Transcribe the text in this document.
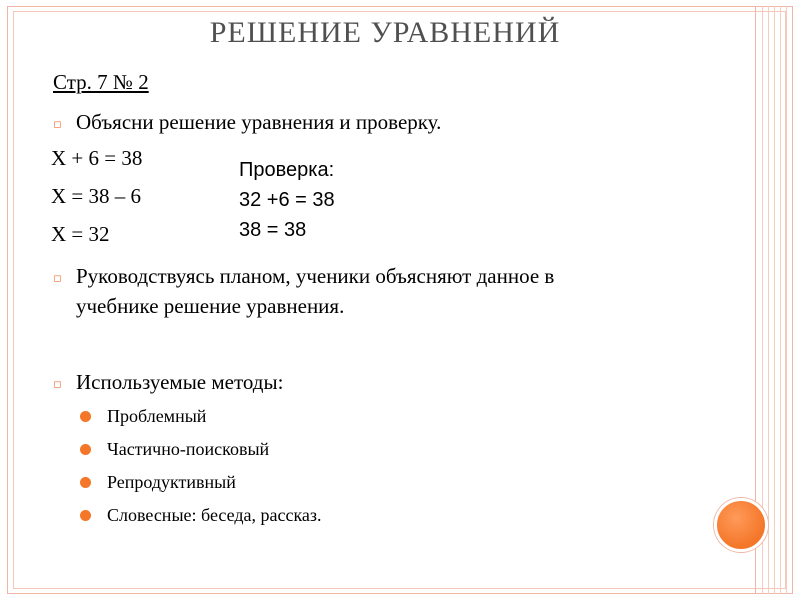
РЕШЕНИЕ УРАВНЕНИЙ
Стр. 7 № 2
▫ Объясни решение уравнения и проверку.
X + 6 = 38
X = 38 – 6
X = 32
Проверка:
32 +6 = 38
38 = 38
▫ Руководствуясь планом, ученики объясняют данное в
учебнике решение уравнения.
▫ Используемые методы:
Проблемный
Частично-поисковый
Репродуктивный
Словесные: беседа, рассказ.
